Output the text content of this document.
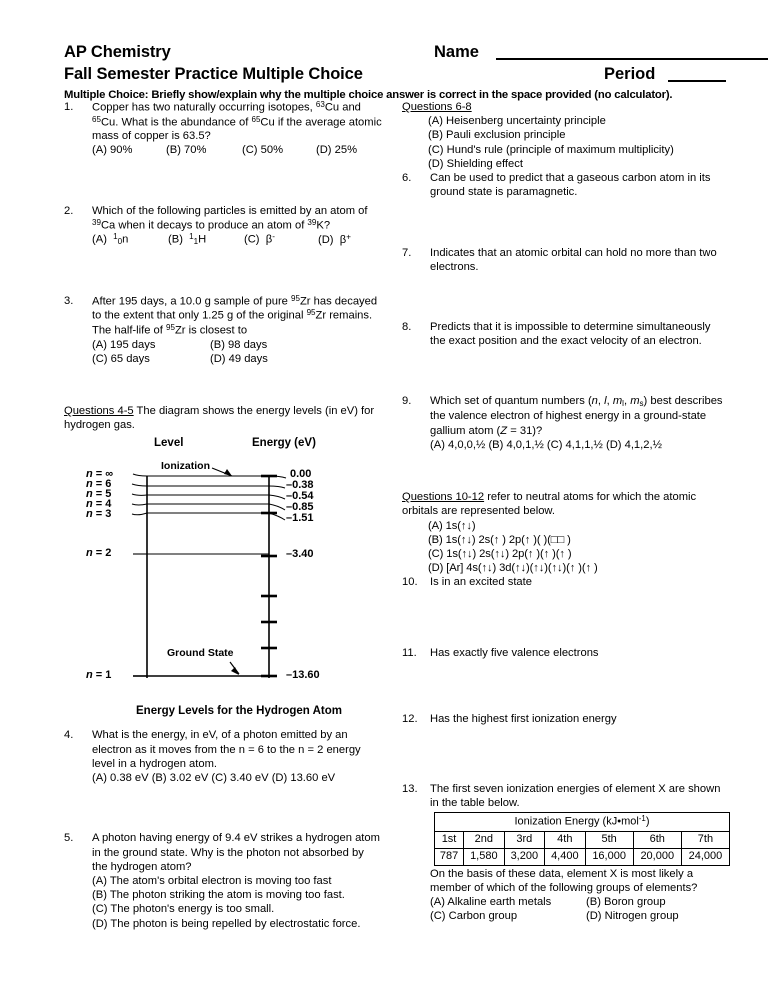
AP Chemistry
Fall Semester Practice Multiple Choice
Name
Period
Multiple Choice: Briefly show/explain why the multiple choice answer is correct in the space provided (no calculator).
1.	Copper has two naturally occurring isotopes, $^{63}$Cu and
$^{65}$Cu. What is the abundance of $^{65}$Cu if the average atomic
mass of copper is 63.5?
(A) 90%	(B) 70%	(C) 50%	(D) 25%
2.	Which of the following particles is emitted by an atom of
$^{39}$Ca when it decays to produce an atom of $^{39}$K?
(A) $^1_0$n	(B) $^1_1$H	(C) β-	(D) β+
3.	After 195 days, a 10.0 g sample of pure $^{95}$Zr has decayed
to the extent that only 1.25 g of the original $^{95}$Zr remains.
The half-life of $^{95}$Zr is closest to
(A) 195 days	(B) 98 days
(C) 65 days	(D) 49 days
Questions 4-5 The diagram shows the energy levels (in eV) for
hydrogen gas.
Level	Energy (eV)
n = ∞
n = 6
n = 5
n = 4
n = 3
n = 2
n = 1
0.00
–0.38
–0.54
–0.85
–1.51
–3.40
–13.60
Ionization
Ground State
Energy Levels for the Hydrogen Atom
4.	What is the energy, in eV, of a photon emitted by an
electron as it moves from the n = 6 to the n = 2 energy
level in a hydrogen atom.
(A) 0.38 eV (B) 3.02 eV (C) 3.40 eV (D) 13.60 eV
5.	A photon having energy of 9.4 eV strikes a hydrogen atom
in the ground state. Why is the photon not absorbed by
the hydrogen atom?
(A) The atom's orbital electron is moving too fast
(B) The photon striking the atom is moving too fast.
(C) The photon's energy is too small.
(D) The photon is being repelled by electrostatic force.
Questions 6-8
(A) Heisenberg uncertainty principle
(B) Pauli exclusion principle
(C) Hund's rule (principle of maximum multiplicity)
(D) Shielding effect
6.	Can be used to predict that a gaseous carbon atom in its
ground state is paramagnetic.
7.	Indicates that an atomic orbital can hold no more than two
electrons.
8.	Predicts that it is impossible to determine simultaneously
the exact position and the exact velocity of an electron.
9.	Which set of quantum numbers (n, l, $m_l$, $m_s$) best describes
the valence electron of highest energy in a ground-state
gallium atom (Z = 31)?
(A) 4,0,0,½ (B) 4,0,1,½ (C) 4,1,1,½ (D) 4,1,2,½
Questions 10-12 refer to neutral atoms for which the atomic
orbitals are represented below.
(A) 1s(↑↓)
(B) 1s(↑↓) 2s(↑ ) 2p(↑ )( )(□□ )
(C) 1s(↑↓) 2s(↑↓) 2p(↑ )(↑ )(↑ )
(D) [Ar] 4s(↑↓) 3d(↑↓)(↑↓)(↑↓)(↑ )(↑ )
10.	Is in an excited state
11.	Has exactly five valence electrons
12.	Has the highest first ionization energy
13.	The first seven ionization energies of element X are shown
in the table below.
Ionization Energy (kJ•mol$^{-1}$)						
1st	2nd	3rd	4th	5th	6th	7th
787	1,580	3,200	4,400	16,000	20,000	24,000
On the basis of these data, element X is most likely a
member of which of the following groups of elements?
(A) Alkaline earth metals	(B) Boron group
(C) Carbon group	(D) Nitrogen group
